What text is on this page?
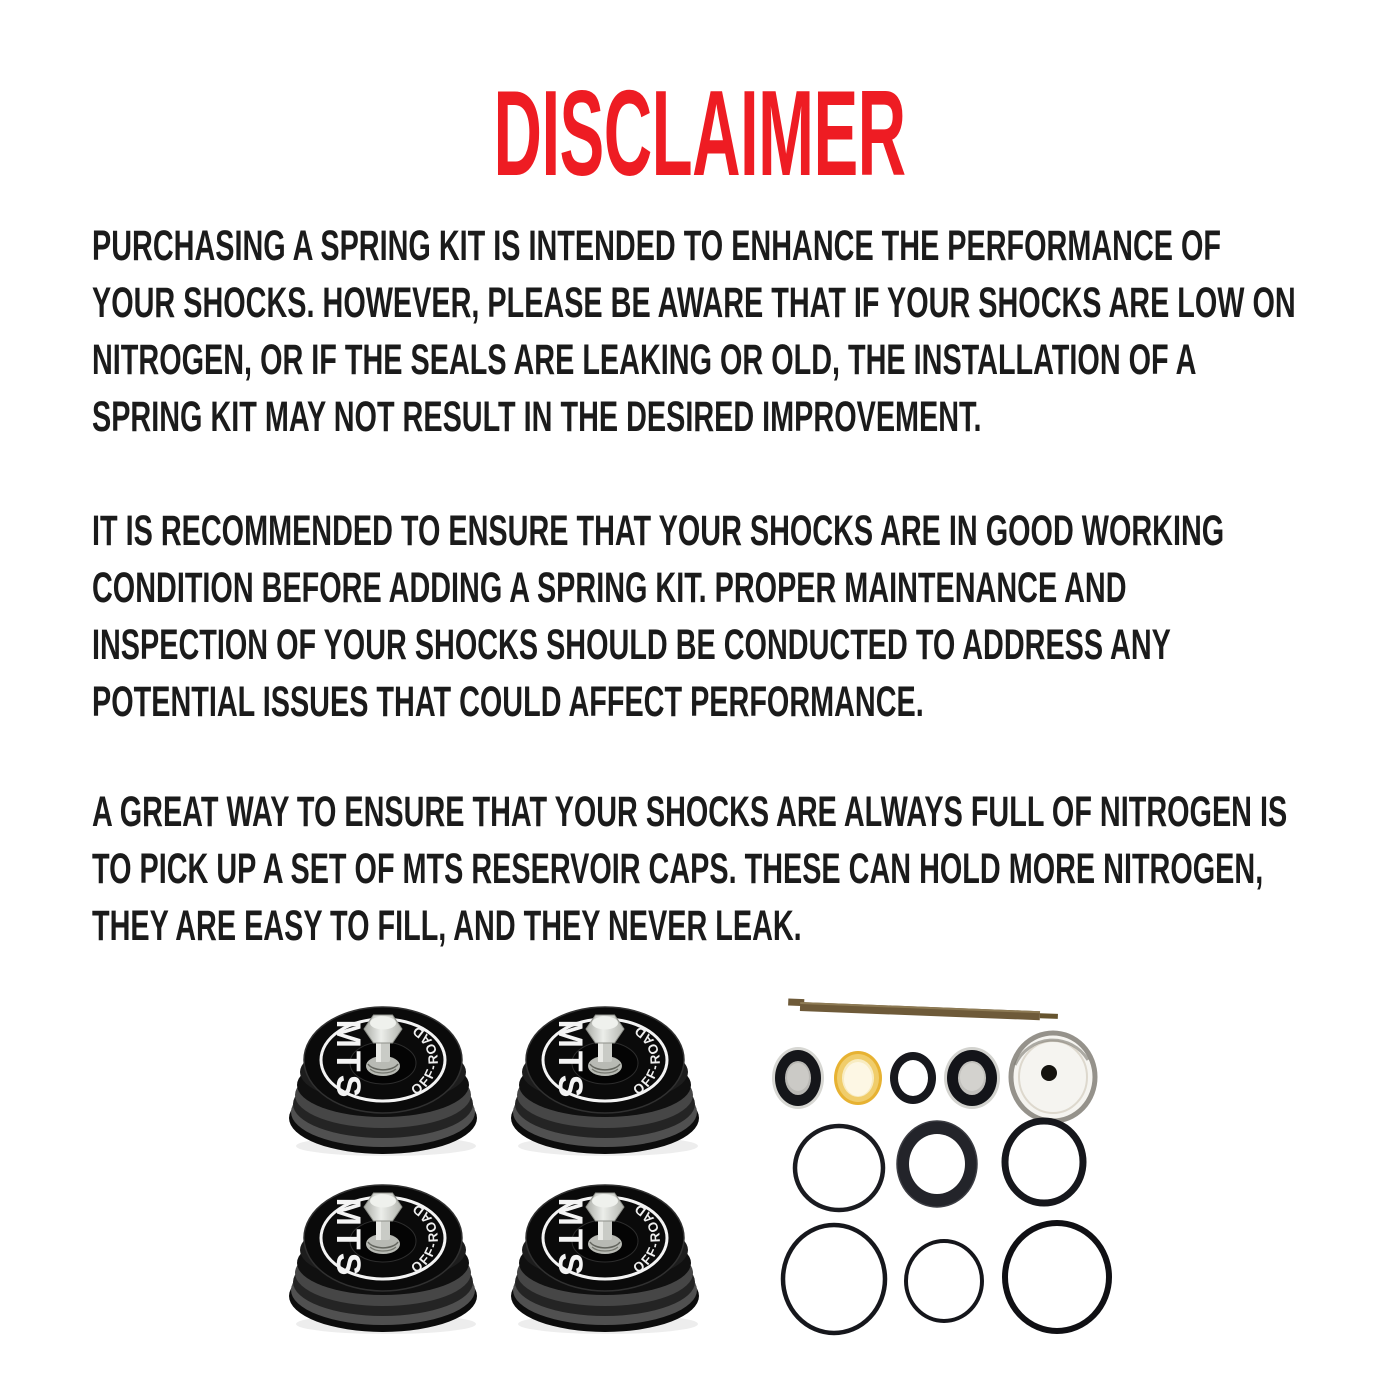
DISCLAIMER
PURCHASING A SPRING KIT IS INTENDED TO ENHANCE THE PERFORMANCE OF
YOUR SHOCKS. HOWEVER, PLEASE BE AWARE THAT IF YOUR SHOCKS ARE LOW ON
NITROGEN, OR IF THE SEALS ARE LEAKING OR OLD, THE INSTALLATION OF A
SPRING KIT MAY NOT RESULT IN THE DESIRED IMPROVEMENT.
IT IS RECOMMENDED TO ENSURE THAT YOUR SHOCKS ARE IN GOOD WORKING
CONDITION BEFORE ADDING A SPRING KIT. PROPER MAINTENANCE AND
INSPECTION OF YOUR SHOCKS SHOULD BE CONDUCTED TO ADDRESS ANY
POTENTIAL ISSUES THAT COULD AFFECT PERFORMANCE.
A GREAT WAY TO ENSURE THAT YOUR SHOCKS ARE ALWAYS FULL OF NITROGEN IS
TO PICK UP A SET OF MTS RESERVOIR CAPS. THESE CAN HOLD MORE NITROGEN,
THEY ARE EASY TO FILL, AND THEY NEVER LEAK.
